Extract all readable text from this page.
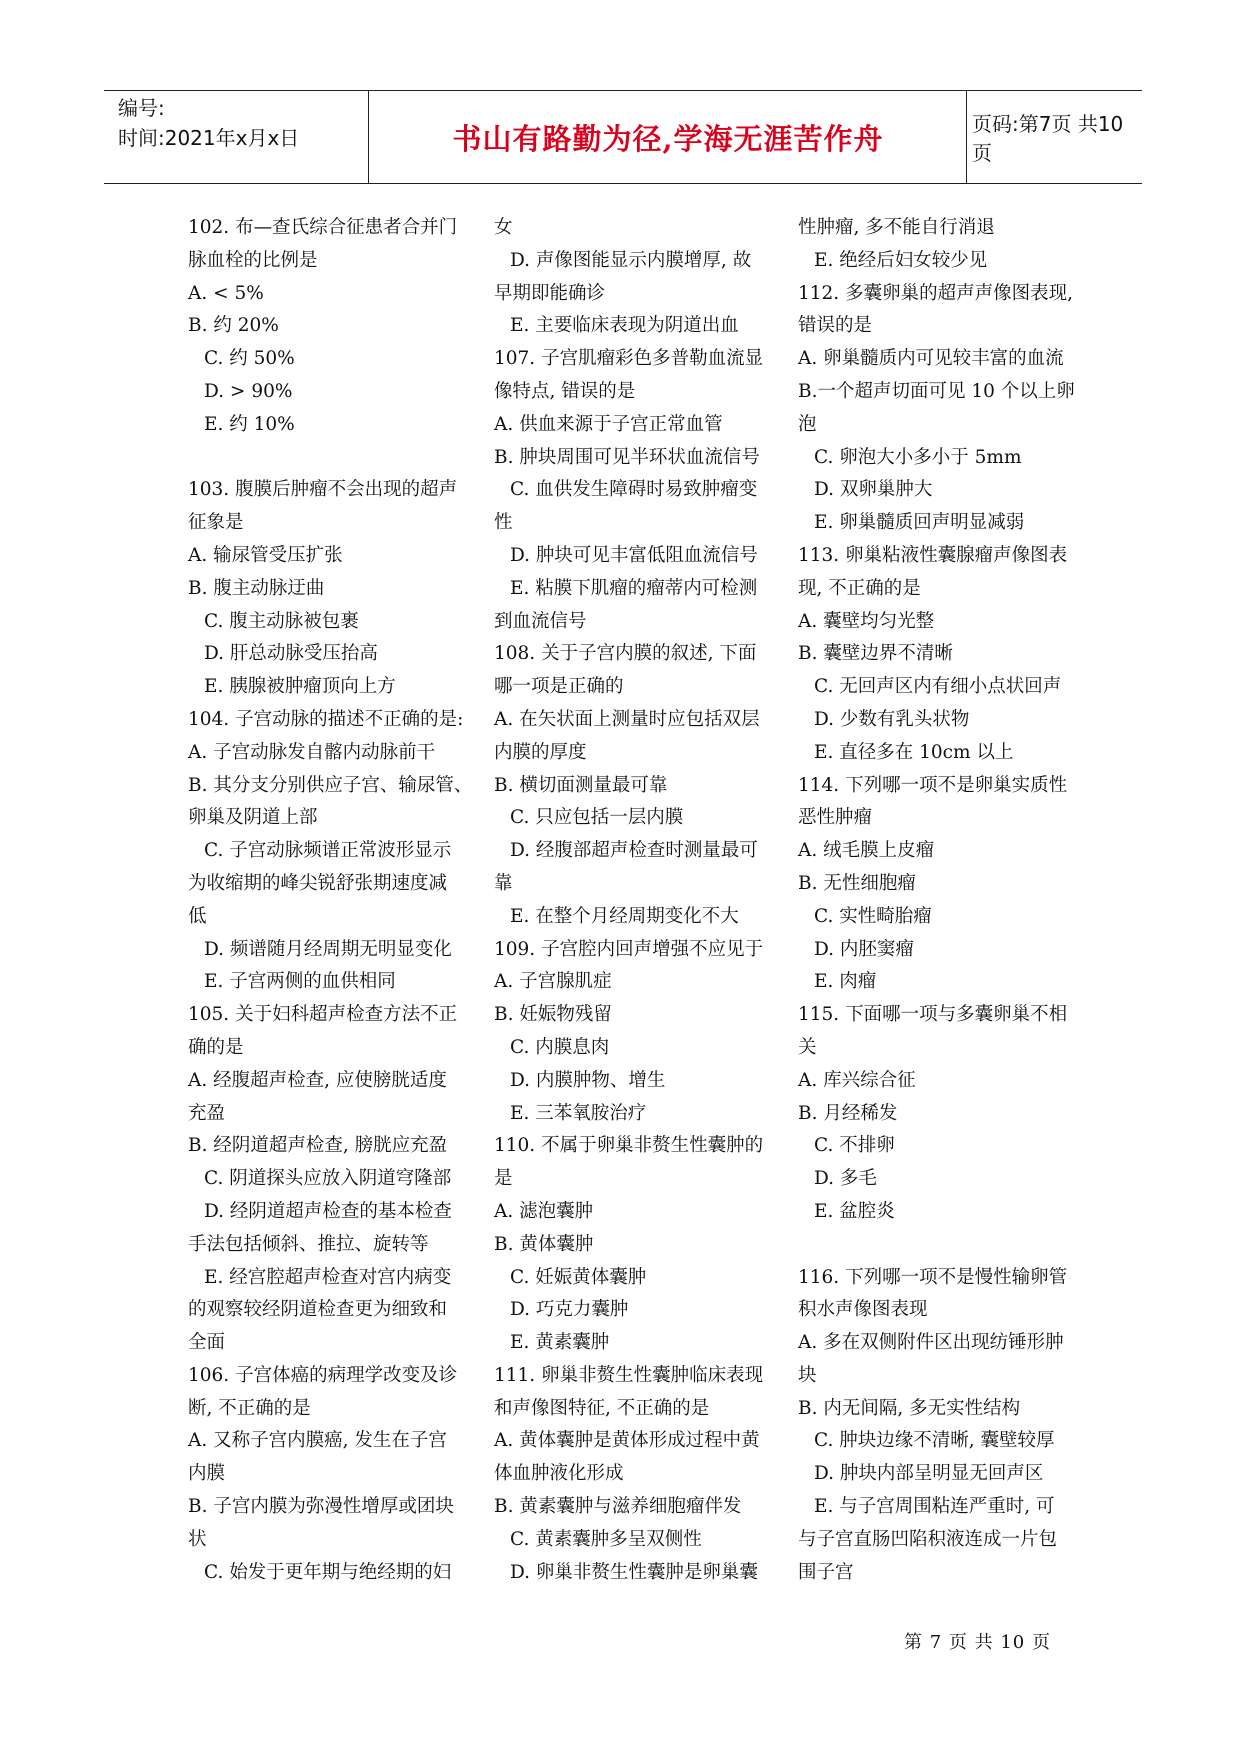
编号:
时间:2021年x月x日	书山有路勤为径,学海无涯苦作舟	页码:第7页 共10页
102. 布—查氏综合征患者合并门
脉血栓的比例是
A. < 5%
B. 约 20%
C. 约 50%
D. > 90%
E. 约 10%
103. 腹膜后肿瘤不会出现的超声
征象是
A. 输尿管受压扩张
B. 腹主动脉迂曲
C. 腹主动脉被包裹
D. 肝总动脉受压抬高
E. 胰腺被肿瘤顶向上方
104. 子宫动脉的描述不正确的是:
A. 子宫动脉发自髂内动脉前干
B. 其分支分别供应子宫、输尿管、
卵巢及阴道上部
C. 子宫动脉频谱正常波形显示
为收缩期的峰尖锐舒张期速度减
低
D. 频谱随月经周期无明显变化
E. 子宫两侧的血供相同
105. 关于妇科超声检查方法不正
确的是
A. 经腹超声检查, 应使膀胱适度
充盈
B. 经阴道超声检查, 膀胱应充盈
C. 阴道探头应放入阴道穹隆部
D. 经阴道超声检查的基本检查
手法包括倾斜、推拉、旋转等
E. 经宫腔超声检查对宫内病变
的观察较经阴道检查更为细致和
全面
106. 子宫体癌的病理学改变及诊
断, 不正确的是
A. 又称子宫内膜癌, 发生在子宫
内膜
B. 子宫内膜为弥漫性增厚或团块
状
C. 始发于更年期与绝经期的妇
女
D. 声像图能显示内膜增厚, 故
早期即能确诊
E. 主要临床表现为阴道出血
107. 子宫肌瘤彩色多普勒血流显
像特点, 错误的是
A. 供血来源于子宫正常血管
B. 肿块周围可见半环状血流信号
C. 血供发生障碍时易致肿瘤变
性
D. 肿块可见丰富低阻血流信号
E. 粘膜下肌瘤的瘤蒂内可检测
到血流信号
108. 关于子宫内膜的叙述, 下面
哪一项是正确的
A. 在矢状面上测量时应包括双层
内膜的厚度
B. 横切面测量最可靠
C. 只应包括一层内膜
D. 经腹部超声检查时测量最可
靠
E. 在整个月经周期变化不大
109. 子宫腔内回声增强不应见于
A. 子宫腺肌症
B. 妊娠物残留
C. 内膜息肉
D. 内膜肿物、增生
E. 三苯氧胺治疗
110. 不属于卵巢非赘生性囊肿的
是
A. 滤泡囊肿
B. 黄体囊肿
C. 妊娠黄体囊肿
D. 巧克力囊肿
E. 黄素囊肿
111. 卵巢非赘生性囊肿临床表现
和声像图特征, 不正确的是
A. 黄体囊肿是黄体形成过程中黄
体血肿液化形成
B. 黄素囊肿与滋养细胞瘤伴发
C. 黄素囊肿多呈双侧性
D. 卵巢非赘生性囊肿是卵巢囊
性肿瘤, 多不能自行消退
E. 绝经后妇女较少见
112. 多囊卵巢的超声声像图表现,
错误的是
A. 卵巢髓质内可见较丰富的血流
B.一个超声切面可见 10 个以上卵
泡
C. 卵泡大小多小于 5mm
D. 双卵巢肿大
E. 卵巢髓质回声明显减弱
113. 卵巢粘液性囊腺瘤声像图表
现, 不正确的是
A. 囊壁均匀光整
B. 囊壁边界不清晰
C. 无回声区内有细小点状回声
D. 少数有乳头状物
E. 直径多在 10cm 以上
114. 下列哪一项不是卵巢实质性
恶性肿瘤
A. 绒毛膜上皮瘤
B. 无性细胞瘤
C. 实性畸胎瘤
D. 内胚窦瘤
E. 肉瘤
115. 下面哪一项与多囊卵巢不相
关
A. 库兴综合征
B. 月经稀发
C. 不排卵
D. 多毛
E. 盆腔炎
116. 下列哪一项不是慢性输卵管
积水声像图表现
A. 多在双侧附件区出现纺锤形肿
块
B. 内无间隔, 多无实性结构
C. 肿块边缘不清晰, 囊壁较厚
D. 肿块内部呈明显无回声区
E. 与子宫周围粘连严重时, 可
与子宫直肠凹陷积液连成一片包
围子宫
第 7 页 共 10 页
